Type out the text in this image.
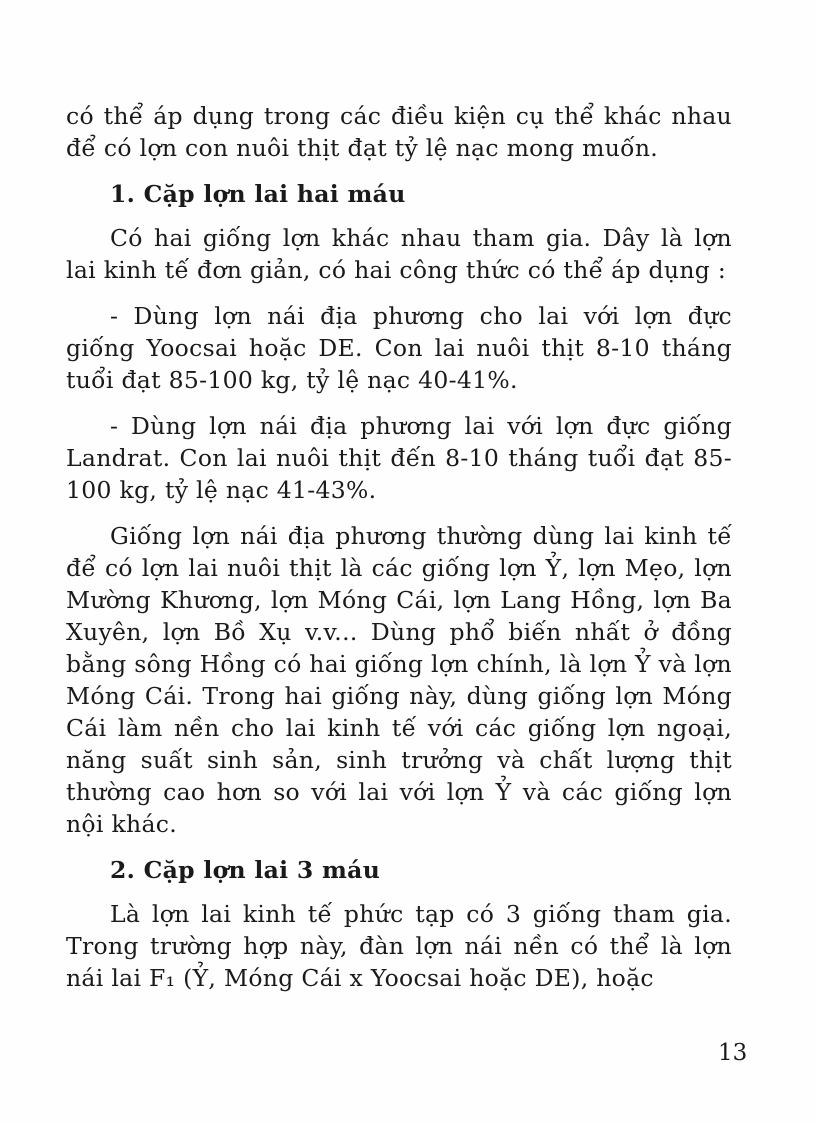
có thể áp dụng trong các điều kiện cụ thể khác nhau để có lợn con nuôi thịt đạt tỷ lệ nạc mong muốn.

1. Cặp lợn lai hai máu

Có hai giống lợn khác nhau tham gia. Dây là lợn lai kinh tế đơn giản, có hai công thức có thể áp dụng :

- Dùng lợn nái địa phương cho lai với lợn đực giống Yoocsai hoặc DE. Con lai nuôi thịt 8-10 tháng tuổi đạt 85-100 kg, tỷ lệ nạc 40-41%.

- Dùng lợn nái địa phương lai với lợn đực giống Landrat. Con lai nuôi thịt đến 8-10 tháng tuổi đạt 85-100 kg, tỷ lệ nạc 41-43%.

Giống lợn nái địa phương thường dùng lai kinh tế để có lợn lai nuôi thịt là các giống lợn Ỷ, lợn Mẹo, lợn Mường Khương, lợn Móng Cái, lợn Lang Hồng, lợn Ba Xuyên, lợn Bồ Xụ v.v... Dùng phổ biến nhất ở đồng bằng sông Hồng có hai giống lợn chính, là lợn Ỷ và lợn Móng Cái. Trong hai giống này, dùng giống lợn Móng Cái làm nền cho lai kinh tế với các giống lợn ngoại, năng suất sinh sản, sinh trưởng và chất lượng thịt thường cao hơn so với lai với lợn Ỷ và các giống lợn nội khác.

2. Cặp lợn lai 3 máu

Là lợn lai kinh tế phức tạp có 3 giống tham gia. Trong trường hợp này, đàn lợn nái nền có thể là lợn nái lai F₁ (Ỷ, Móng Cái x Yoocsai hoặc DE), hoặc

13
